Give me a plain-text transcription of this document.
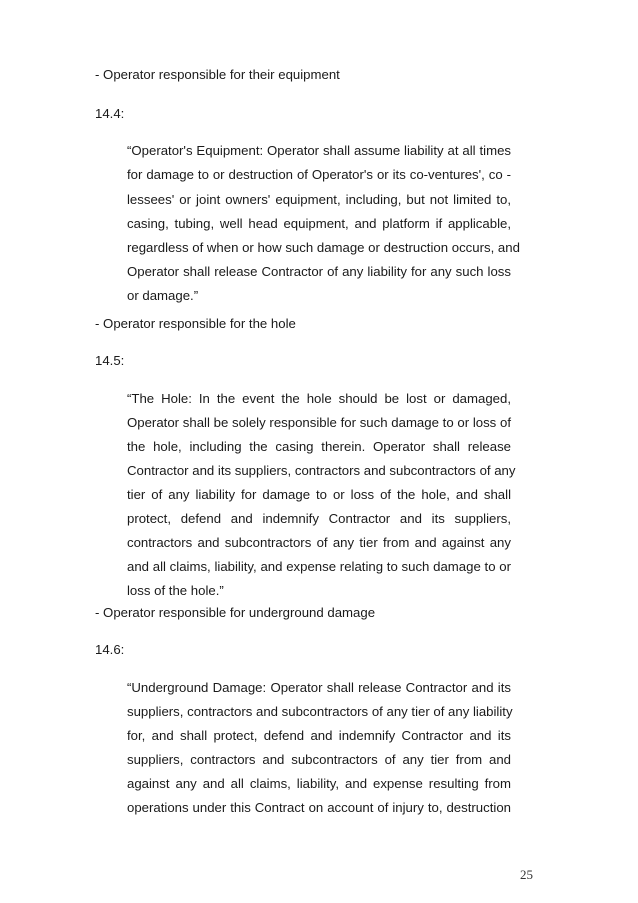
- Operator responsible for their equipment
14.4:
“Operator's Equipment: Operator shall assume liability at all times
for damage to or destruction of Operator's or its co-ventures', co -
lessees' or joint owners' equipment, including, but not limited to,
casing, tubing, well head equipment, and platform if applicable,
regardless of when or how such damage or destruction occurs, and
Operator shall release Contractor of any liability for any such loss
or damage.”
- Operator responsible for the hole
14.5:
“The Hole: In the event the hole should be lost or damaged,
Operator shall be solely responsible for such damage to or loss of
the hole, including the casing therein. Operator shall release
Contractor and its suppliers, contractors and subcontractors of any
tier of any liability for damage to or loss of the hole, and shall
protect, defend and indemnify Contractor and its suppliers,
contractors and subcontractors of any tier from and against any
and all claims, liability, and expense relating to such damage to or
loss of the hole.”
- Operator responsible for underground damage
14.6:
“Underground Damage: Operator shall release Contractor and its
suppliers, contractors and subcontractors of any tier of any liability
for, and shall protect, defend and indemnify Contractor and its
suppliers, contractors and subcontractors of any tier from and
against any and all claims, liability, and expense resulting from
operations under this Contract on account of injury to, destruction
25
